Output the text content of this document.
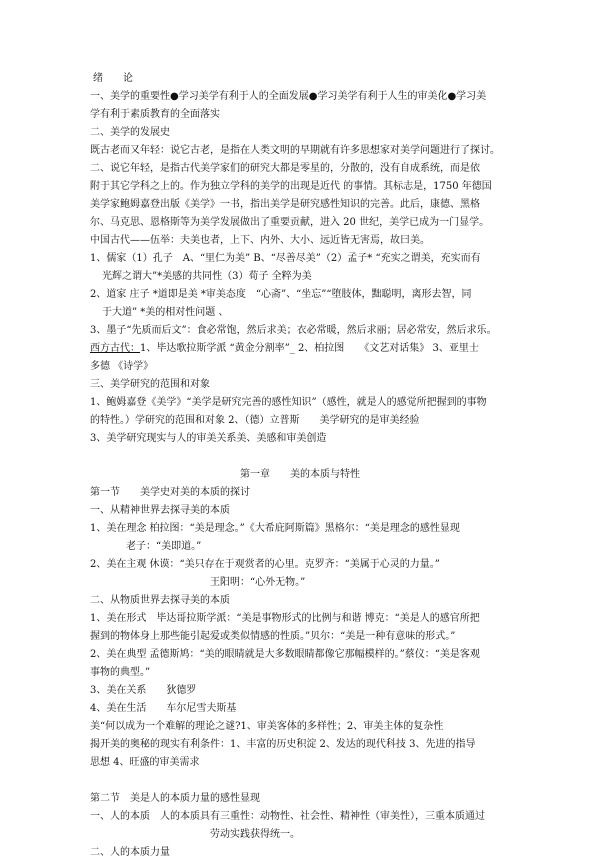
绪　　论
一、美学的重要性●学习美学有利于人的全面发展●学习美学有利于人生的审美化●学习美
学有利于素质教育的全面落实
二、美学的发展史
既古老而又年轻：说它古老，是指在人类文明的早期就有许多思想家对美学问题进行了探讨。
二、说它年轻，是指古代美学家们的研究大都是零星的，分散的，没有自成系统，而是依
附于其它学科之上的。作为独立学科的美学的出现是近代 的事情。其标志是，1750 年德国
美学家鲍姆嘉登出版《美学》一书，指出美学是研究感性知识的完善。此后，康德、黑格
尔、马克思、恩格斯等为美学发展做出了重要贡献，进入 20 世纪，美学已成为一门显学。
中国古代——伍举：夫美也者，上下、内外、大小、远近皆无害焉，故曰美。
1、儒家（1）孔子　A、“里仁为美” B、“尽善尽美”（2）孟子* “充实之谓美，充实而有
光辉之谓大”*美感的共同性（3）荀子 全粹为美
2、道家 庄子 *道即是美 *审美态度　“心斋”、“坐忘”“堕肢体，黜聪明，离形去智，同
于大道” *美的相对性问题 、
3、墨子“先质而后文”：食必常饱，然后求美；衣必常暖，然后求丽；居必常安，然后求乐。
西方古代：1、毕达歌拉斯学派 “黄金分割率”_ 2、柏拉图　　《文艺对话集》 3、亚里士
多德 《诗学》
三、美学研究的范围和对象
1、鲍姆嘉登《美学》“美学是研究完善的感性知识”（感性，就是人的感觉所把握到的事物
的特性。）学研究的范围和对象 2、（德）立普斯　　美学研究的是审美经验
3、美学研究现实与人的审美关系美、美感和审美创造
第一章　　美的本质与特性
第一节　　美学史对美的本质的探讨
一、从精神世界去探寻美的本质
1、美在理念 柏拉图：“美是理念。”《大希庇阿斯篇》黑格尔：“美是理念的感性显现
老子：“美即道。”
2、美在主观 休谟：“美只存在于观赏者的心里。克罗齐：“美属于心灵的力量。”
王阳明：“心外无物。”
二、从物质世界去探寻美的本质
1、美在形式　毕达哥拉斯学派：“美是事物形式的比例与和谐 博克：“美是人的感官所把
握到的物体身上那些能引起爱或类似情感的性质。”贝尔：“美是一种有意味的形式。”
2、美在典型 孟德斯鸠：“美的眼睛就是大多数眼睛都像它那幅模样的。”蔡仪：“美是客观
事物的典型。”
3、美在关系　　狄德罗
4、美在生活　　车尔尼雪夫斯基
美“何以成为一个难解的理论之谜?1、审美客体的多样性；2、审美主体的复杂性
揭开美的奥秘的现实有利条件：1、丰富的历史积淀 2、发达的现代科技 3、先进的指导
思想 4、旺盛的审美需求
第二节　美是人的本质力量的感性显现
一、人的本质　人的本质具有三重性：动物性、社会性、精神性（审美性），三重本质通过
劳动实践获得统一。
二、人的本质力量
